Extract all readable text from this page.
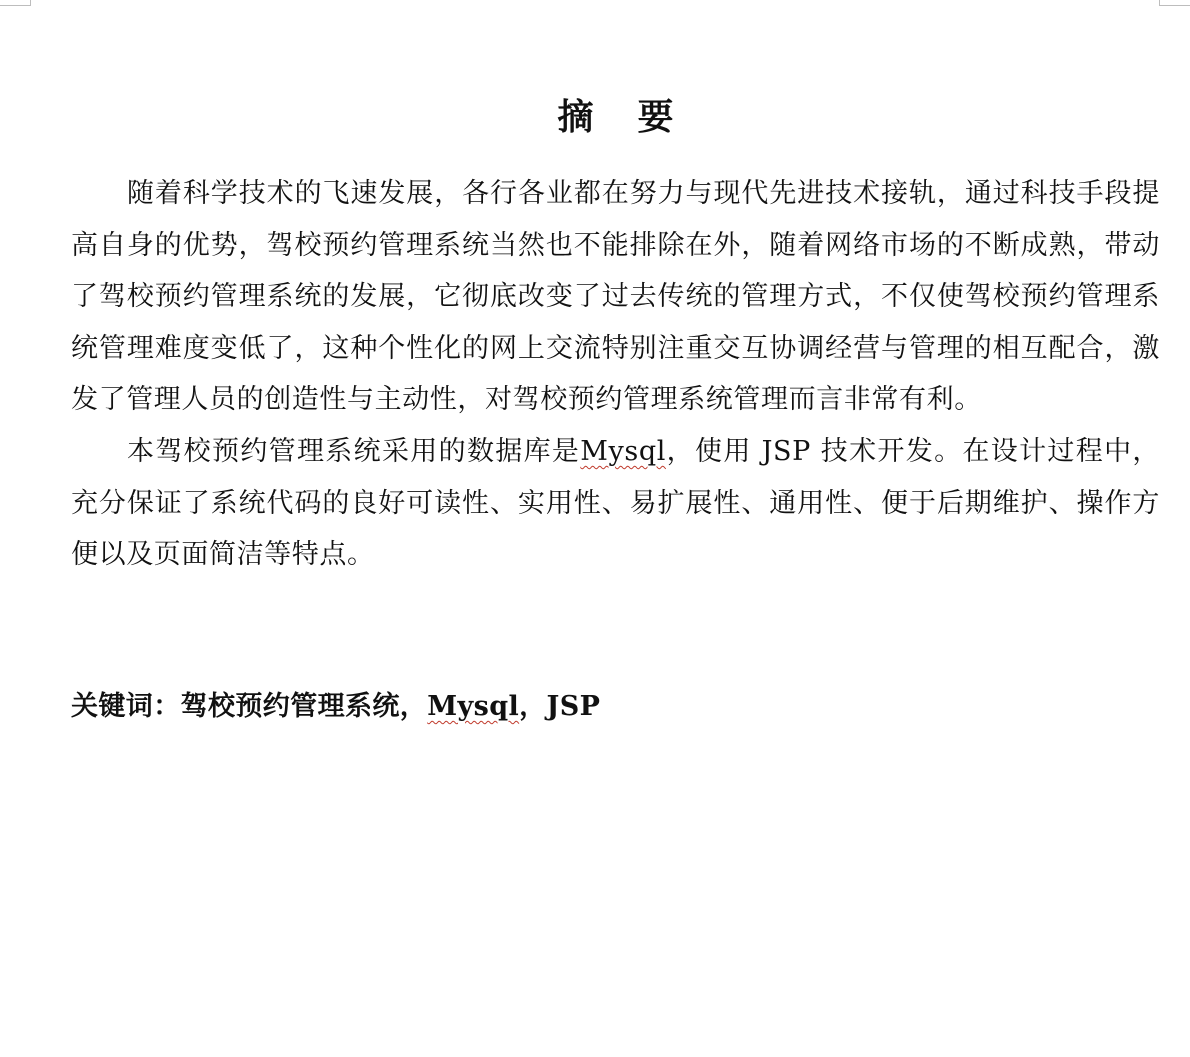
摘 要

随着科学技术的飞速发展，各行各业都在努力与现代先进技术接轨，通过科技手段提高自身的优势，驾校预约管理系统当然也不能排除在外，随着网络市场的不断成熟，带动了驾校预约管理系统的发展，它彻底改变了过去传统的管理方式，不仅使驾校预约管理系统管理难度变低了，这种个性化的网上交流特别注重交互协调经营与管理的相互配合，激发了管理人员的创造性与主动性，对驾校预约管理系统管理而言非常有利。

本驾校预约管理系统采用的数据库是Mysql，使用 JSP 技术开发。在设计过程中，充分保证了系统代码的良好可读性、实用性、易扩展性、通用性、便于后期维护、操作方便以及页面简洁等特点。

关键词：驾校预约管理系统，Mysql，JSP
